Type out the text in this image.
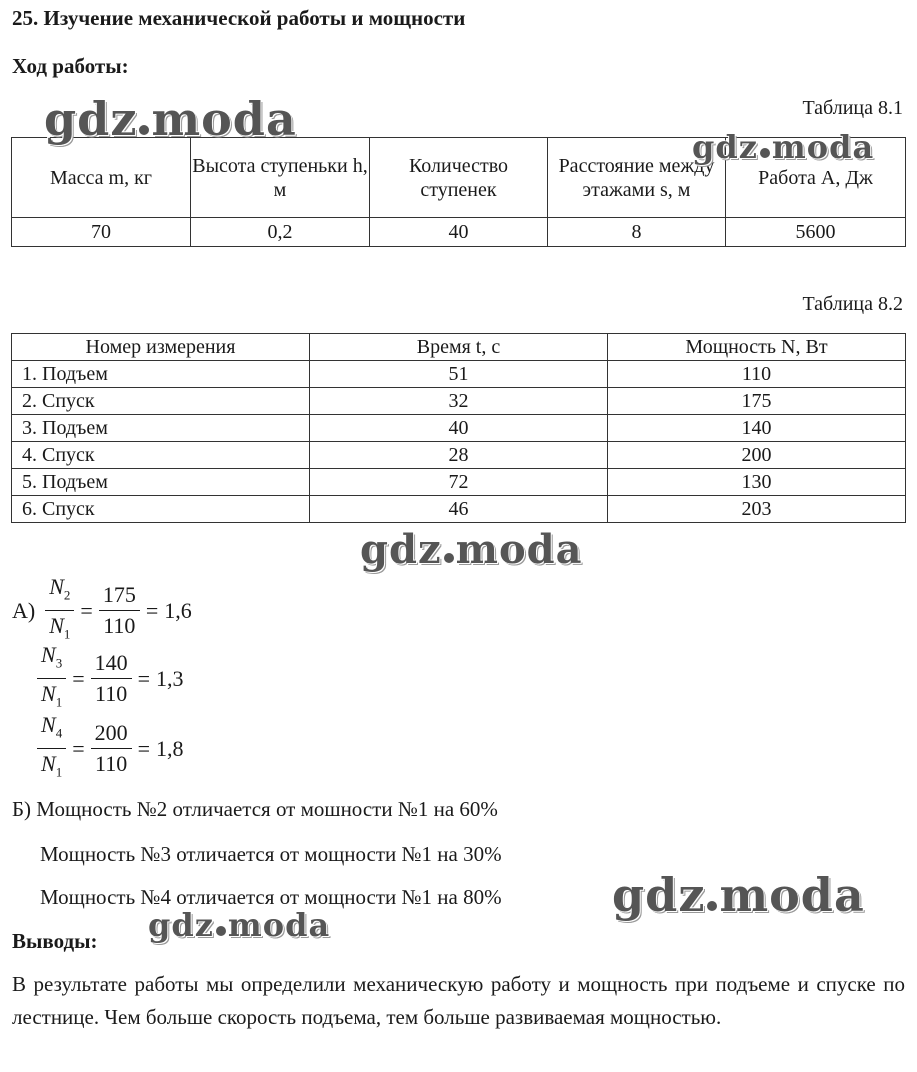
25. Изучение механической работы и мощности
Ход работы:
Таблица 8.1
Масса m, кг	Высота ступеньки h, м	Количество ступенек	Расстояние между этажами s, м	Работа A, Дж
70	0,2	40	8	5600
Таблица 8.2
Номер измерения	Время t, с	Мощность N, Вт
1. Подъем	51	110
2. Спуск	32	175
3. Подъем	40	140
4. Спуск	28	200
5. Подъем	72	130
6. Спуск	46	203
$А) \frac{N_2}{N_1} = \frac{175}{110} = 1,6$
$\frac{N_3}{N_1} = \frac{140}{110} = 1,3$
$\frac{N_4}{N_1} = \frac{200}{110} = 1,8$
Б) Мощность №2 отличается от мошности №1 на 60%
Мощность №3 отличается от мощности №1 на 30%
Мощность №4 отличается от мощности №1 на 80%
Выводы:
В результате работы мы определили механическую работу и мощность при подъеме и спуске по лестнице. Чем больше скорость подъема, тем больше развиваемая мощностью.
gdz moda
gdz moda
gdz moda
gdz moda
gdz moda
